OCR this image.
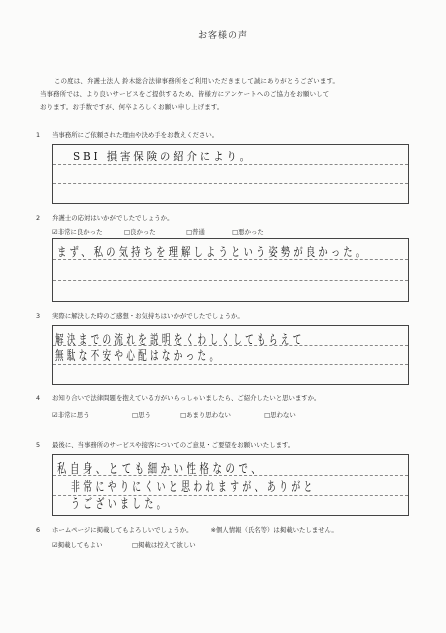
お客様の声
この度は、弁護士法人 鈴木総合法律事務所をご利用いただきまして誠にありがとうございます。
当事務所では、より良いサービスをご提供するため、皆様方にアンケートへのご協力をお願いして
おります。お手数ですが、何卒よろしくお願い申し上げます。
1 当事務所にご依頼された理由や決め手をお教えください。
SBI 損害保険の紹介により。
2 弁護士の応対はいかがでしたでしょうか。
☑非常に良かった	□良かった	□普通	□悪かった
まず、私の気持ちを理解しようという姿勢が良かった。
3 実際に解決した時のご感想・お気持ちはいかがでしたでしょうか。
解決までの流れを説明をくわしくしてもらえて
無駄な不安や心配はなかった。
4 お知り合いで法律問題を抱えている方がいらっしゃいましたら、ご紹介したいと思いますか。
☑非常に思う	□思う	□あまり思わない	□思わない
5 最後に、当事務所のサービスや接客についてのご意見・ご要望をお願いいたします。
私自身、とても細かい性格なので、
非常にやりにくいと思われますが、ありがと
うございました。
6 ホームページに掲載してもよろしいでしょうか。	※個人情報（氏名等）は掲載いたしません。
☑掲載してもよい	□掲載は控えて欲しい
